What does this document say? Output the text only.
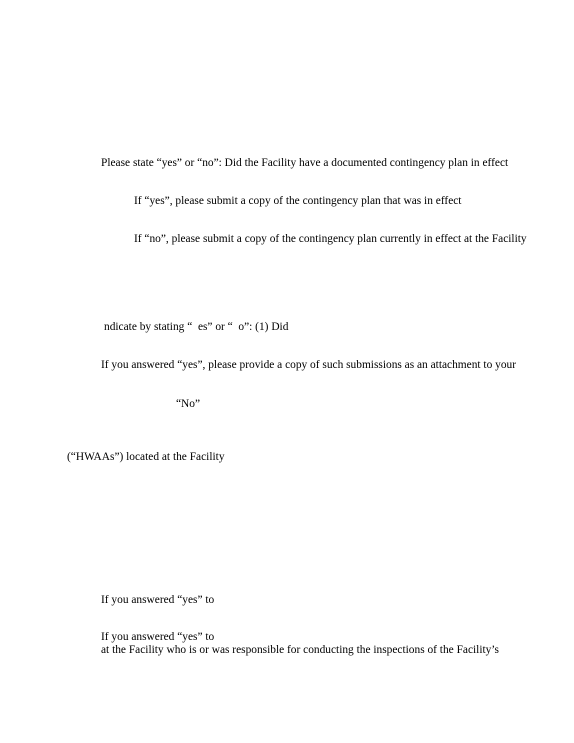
Please state “yes” or “no”: Did the Facility have a documented contingency plan in effect
If “yes”, please submit a copy of the contingency plan that was in effect
If “no”, please submit a copy of the contingency plan currently in effect at the Facility
ndicate by stating “  es” or “  o”: (1) Did
If you answered “yes”, please provide a copy of such submissions as an attachment to your
“No”
(“HWAAs”) located at the Facility
If you answered “yes” to
If you answered “yes” to
at the Facility who is or was responsible for conducting the inspections of the Facility’s
